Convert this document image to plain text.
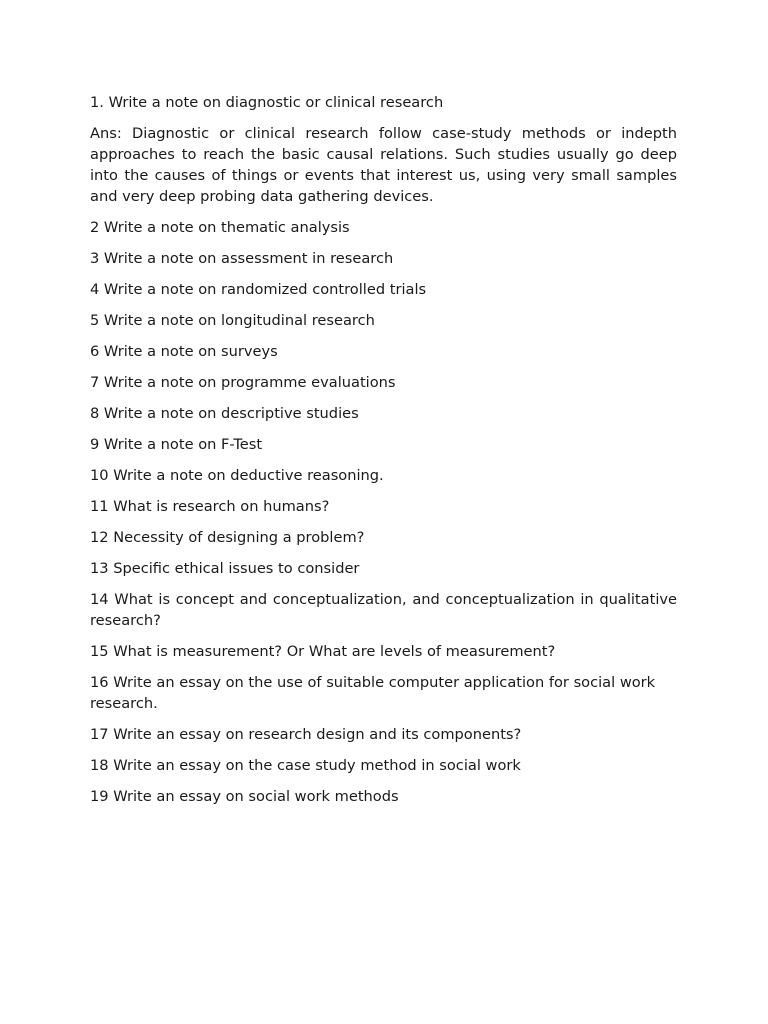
1. Write a note on diagnostic or clinical research

Ans: Diagnostic or clinical research follow case-study methods or indepth approaches to reach the basic causal relations. Such studies usually go deep into the causes of things or events that interest us, using very small samples and very deep probing data gathering devices.

2 Write a note on thematic analysis

3 Write a note on assessment in research

4 Write a note on randomized controlled trials

5 Write a note on longitudinal research

6 Write a note on surveys

7 Write a note on programme evaluations

8 Write a note on descriptive studies

9 Write a note on F-Test

10 Write a note on deductive reasoning.

11 What is research on humans?

12 Necessity of designing a problem?

13 Specific ethical issues to consider

14 What is concept and conceptualization, and conceptualization in qualitative research?

15 What is measurement? Or What are levels of measurement?

16 Write an essay on the use of suitable computer application for social work research.

17 Write an essay on research design and its components?

18 Write an essay on the case study method in social work

19 Write an essay on social work methods
